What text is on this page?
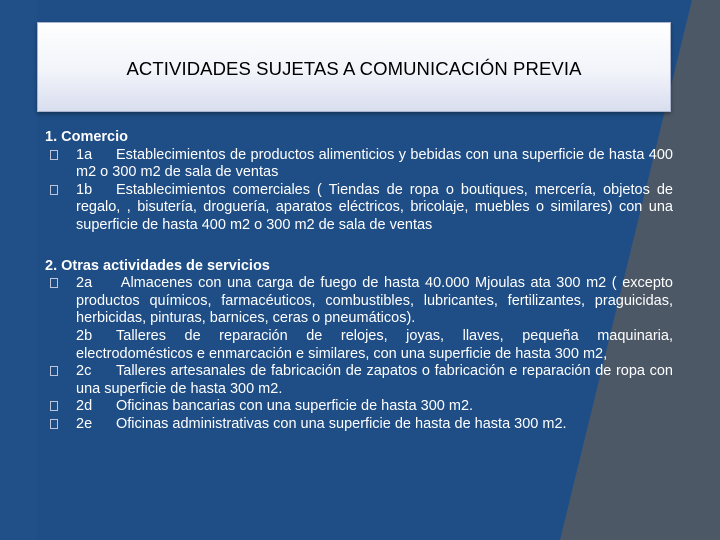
ACTIVIDADES SUJETAS A COMUNICACIÓN PREVIA
1. Comercio
1a Establecimientos de productos alimenticios y bebidas con una superficie de hasta 400 m2 o 300 m2 de sala de ventas
1b Establecimientos comerciales ( Tiendas de ropa o boutiques, mercería, objetos de regalo, , bisutería, droguería, aparatos eléctricos, bricolaje, muebles o similares) con una superficie de hasta 400 m2 o 300 m2 de sala de ventas
2. Otras actividades de servicios
2a Almacenes con una carga de fuego de hasta 40.000 Mjoulas ata 300 m2 ( excepto productos químicos, farmacéuticos, combustibles, lubricantes, fertilizantes, praguicidas, herbicidas, pinturas, barnices, ceras o pneumáticos).
2b Talleres de reparación de relojes, joyas, llaves, pequeña maquinaria, electrodomésticos e enmarcación e similares, con una superficie de hasta 300 m2,
2c Talleres artesanales de fabricación de zapatos o fabricación e reparación de ropa con una superficie de hasta 300 m2.
2d Oficinas bancarias con una superficie de hasta 300 m2.
2e Oficinas administrativas con una superficie de hasta de hasta 300 m2.
